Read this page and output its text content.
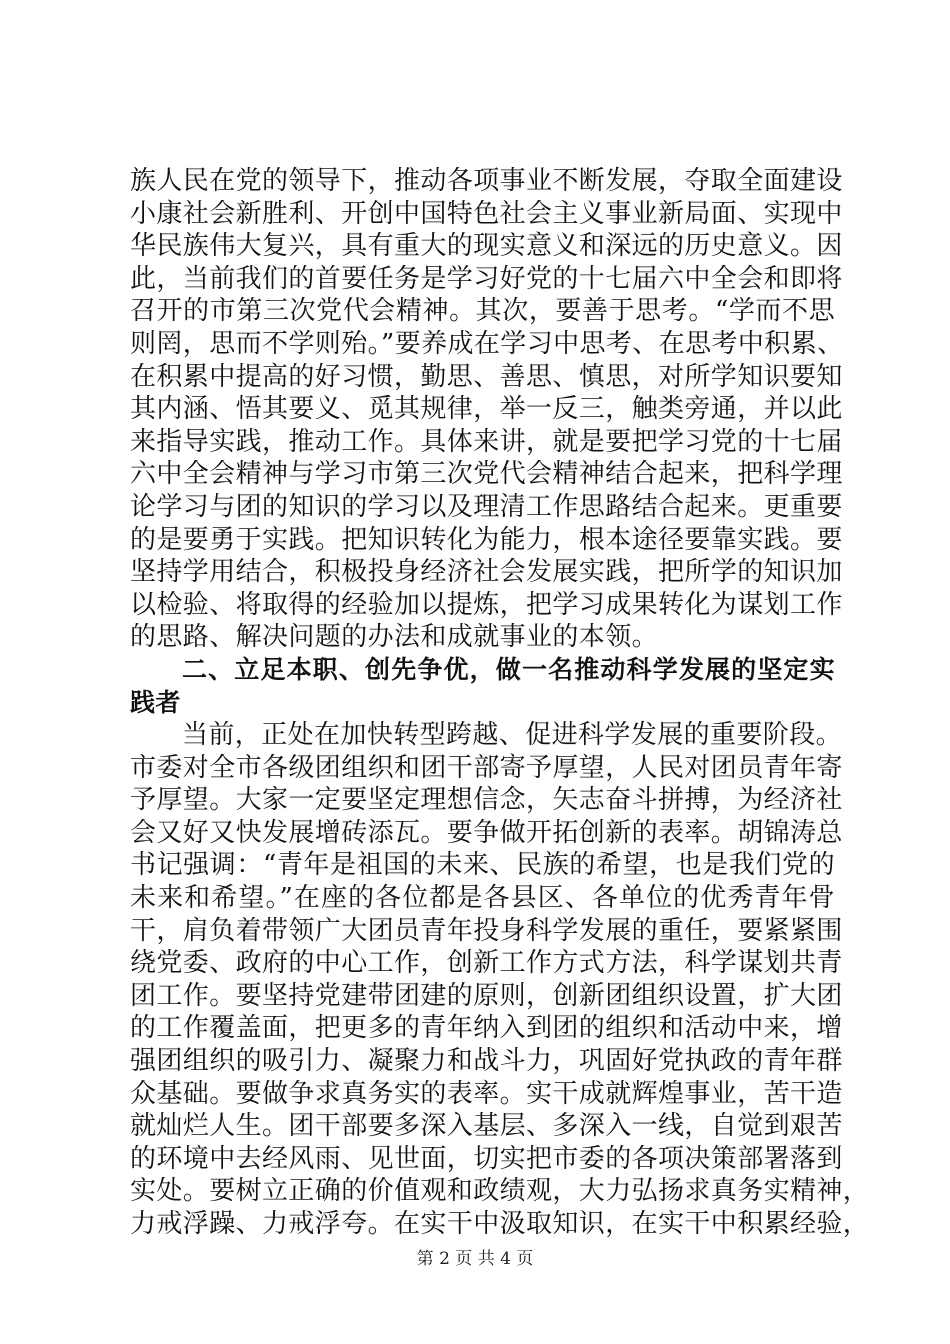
族人民在党的领导下，推动各项事业不断发展，夺取全面建设
小康社会新胜利、开创中国特色社会主义事业新局面、实现中
华民族伟大复兴，具有重大的现实意义和深远的历史意义。因
此，当前我们的首要任务是学习好党的十七届六中全会和即将
召开的市第三次党代会精神。其次，要善于思考。“学而不思
则罔，思而不学则殆。”要养成在学习中思考、在思考中积累、
在积累中提高的好习惯，勤思、善思、慎思，对所学知识要知
其内涵、悟其要义、觅其规律，举一反三，触类旁通，并以此
来指导实践，推动工作。具体来讲，就是要把学习党的十七届
六中全会精神与学习市第三次党代会精神结合起来，把科学理
论学习与团的知识的学习以及理清工作思路结合起来。更重要
的是要勇于实践。把知识转化为能力，根本途径要靠实践。要
坚持学用结合，积极投身经济社会发展实践，把所学的知识加
以检验、将取得的经验加以提炼，把学习成果转化为谋划工作
的思路、解决问题的办法和成就事业的本领。
二、立足本职、创先争优，做一名推动科学发展的坚定实
践者
当前，正处在加快转型跨越、促进科学发展的重要阶段。
市委对全市各级团组织和团干部寄予厚望，人民对团员青年寄
予厚望。大家一定要坚定理想信念，矢志奋斗拼搏，为经济社
会又好又快发展增砖添瓦。要争做开拓创新的表率。胡锦涛总
书记强调：“青年是祖国的未来、民族的希望，也是我们党的
未来和希望。”在座的各位都是各县区、各单位的优秀青年骨
干，肩负着带领广大团员青年投身科学发展的重任，要紧紧围
绕党委、政府的中心工作，创新工作方式方法，科学谋划共青
团工作。要坚持党建带团建的原则，创新团组织设置，扩大团
的工作覆盖面，把更多的青年纳入到团的组织和活动中来，增
强团组织的吸引力、凝聚力和战斗力，巩固好党执政的青年群
众基础。要做争求真务实的表率。实干成就辉煌事业，苦干造
就灿烂人生。团干部要多深入基层、多深入一线，自觉到艰苦
的环境中去经风雨、见世面，切实把市委的各项决策部署落到
实处。要树立正确的价值观和政绩观，大力弘扬求真务实精神，
力戒浮躁、力戒浮夸。在实干中汲取知识，在实干中积累经验，
第 2 页 共 4 页
